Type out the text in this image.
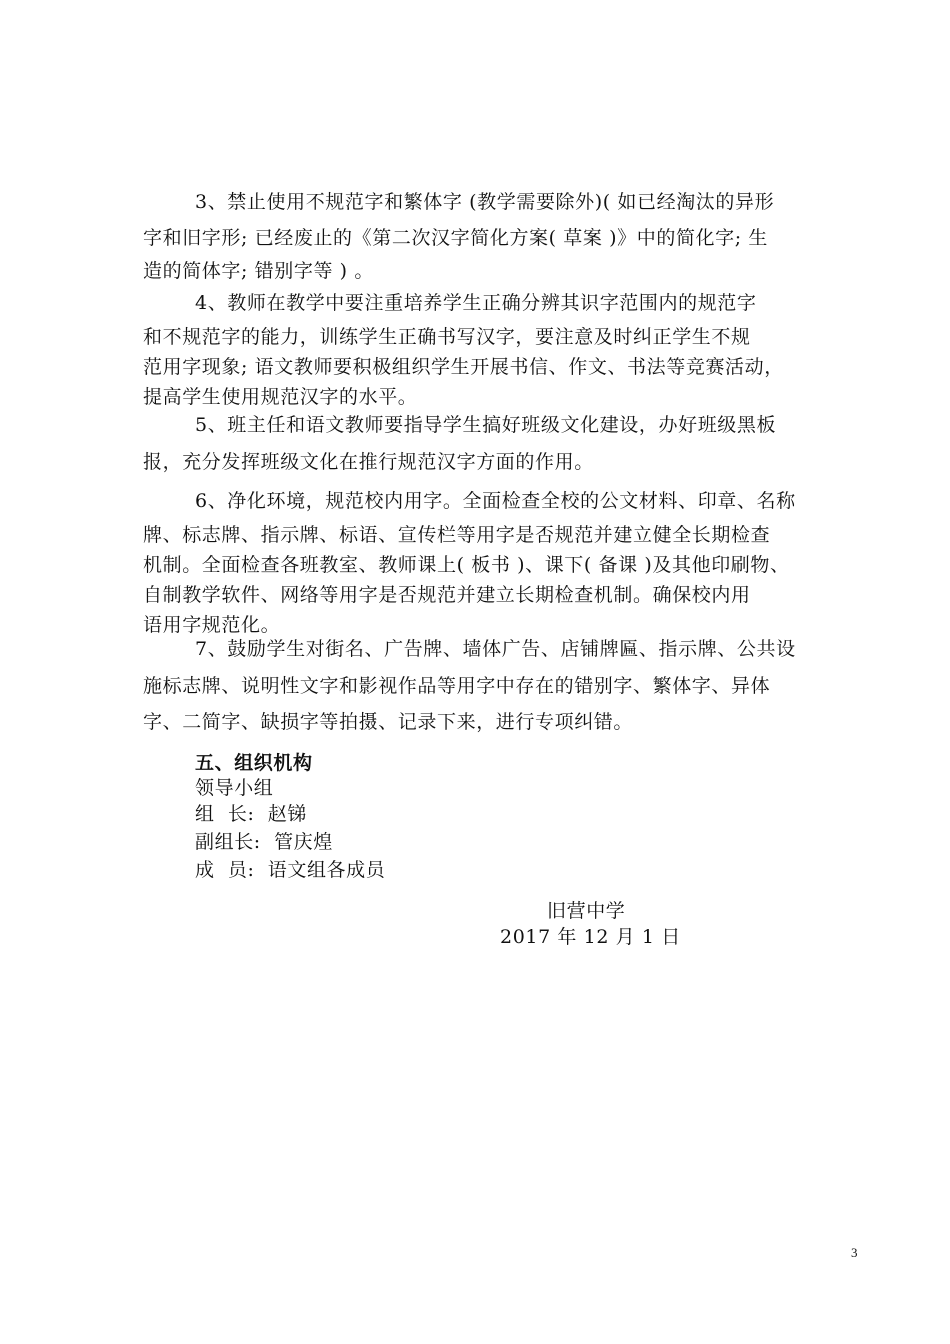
3、禁止使用不规范字和繁体字 (教学需要除外)( 如已经淘汰的异形
字和旧字形; 已经废止的《第二次汉字简化方案( 草案 )》中的简化字; 生
造的简体字; 错别字等 ) 。
4、教师在教学中要注重培养学生正确分辨其识字范围内的规范字
和不规范字的能力，训练学生正确书写汉字，要注意及时纠正学生不规
范用字现象; 语文教师要积极组织学生开展书信、作文、书法等竞赛活动，
提高学生使用规范汉字的水平。
5、班主任和语文教师要指导学生搞好班级文化建设，办好班级黑板
报，充分发挥班级文化在推行规范汉字方面的作用。
6、净化环境，规范校内用字。全面检查全校的公文材料、印章、名称
牌、标志牌、指示牌、标语、宣传栏等用字是否规范并建立健全长期检查
机制。全面检查各班教室、教师课上( 板书 )、课下( 备课 )及其他印刷物、
自制教学软件、网络等用字是否规范并建立长期检查机制。确保校内用
语用字规范化。
7、鼓励学生对街名、广告牌、墙体广告、店铺牌匾、指示牌、公共设
施标志牌、说明性文字和影视作品等用字中存在的错别字、繁体字、异体
字、二简字、缺损字等拍摄、记录下来，进行专项纠错。
五、组织机构
领导小组
组  长:  赵锑
副组长:  管庆煌
成  员:  语文组各成员
旧营中学
2017 年 12 月 1 日
3
